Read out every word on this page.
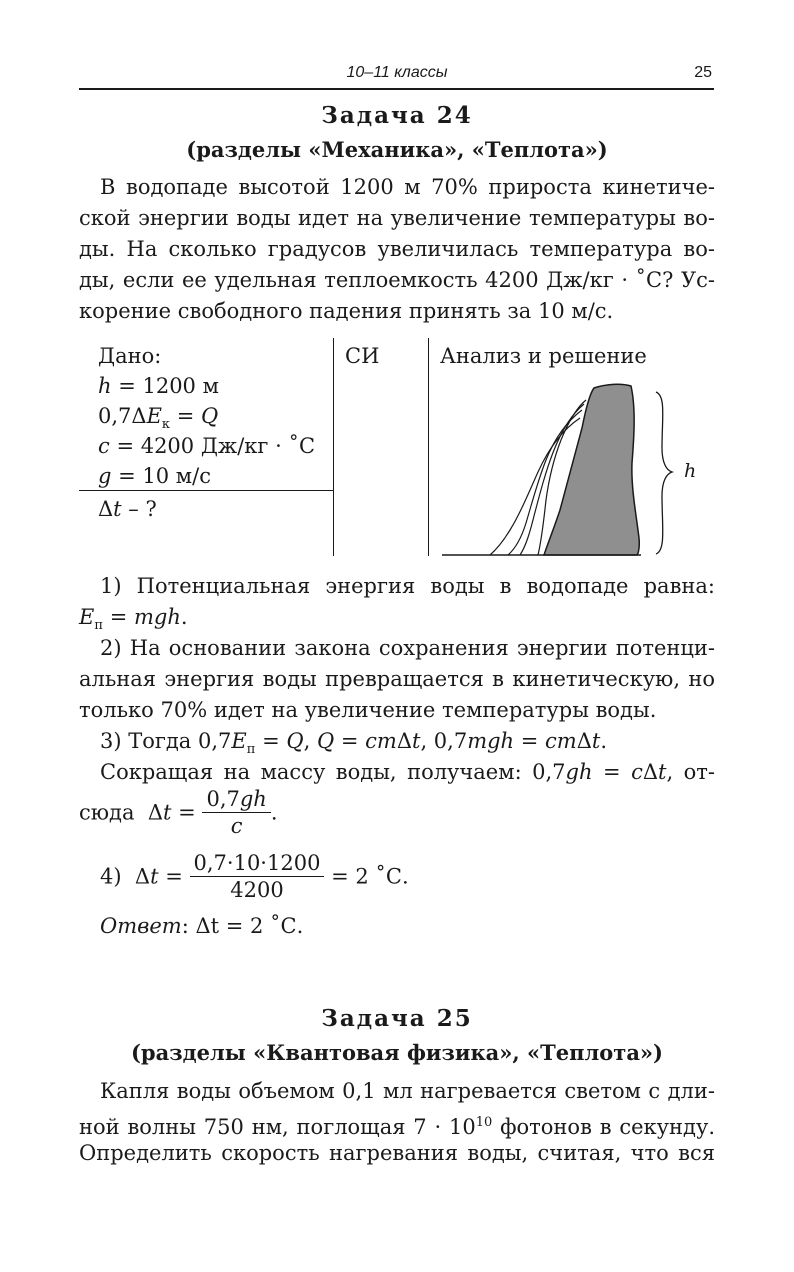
10–11 классы	25
Задача 24
(разделы «Механика», «Теплота»)
В водопаде высотой 1200 м 70% прироста кинетиче-
ской энергии воды идет на увеличение температуры во-
ды. На сколько градусов увеличилась температура во-
ды, если ее удельная теплоемкость 4200 Дж/кг · ˚С? Ус-
корение свободного падения принять за 10 м/с.
Дано:	СИ	Анализ и решение
h = 1200 м
$0,7\Delta E_к = Q$
c = 4200 Дж/кг · ˚С
g = 10 м/с
Δt – ?
h
1) Потенциальная энергия воды в водопаде равна:
$E_п$ = mgh.
2) На основании закона сохранения энергии потенци-
альная энергия воды превращается в кинетическую, но
только 70% идет на увеличение температуры воды.
3) Тогда $0,7E_п = Q$, Q = cmΔt, 0,7mgh = cmΔt.
Сокращая на массу воды, получаем: 0,7gh = cΔt, от-
сюда  $\Delta t = \frac{0,7gh}{c}$ .
4)  $\Delta t = \frac{0,7\cdot 10\cdot 1200}{4200} = 2$ ˚С.
Ответ: Δt = 2 ˚С.
Задача 25
(разделы «Квантовая физика», «Теплота»)
Капля воды объемом 0,1 мл нагревается светом с дли-
ной волны 750 нм, поглощая $7 \cdot 10^{10}$ фотонов в секунду.
Определить скорость нагревания воды, считая, что вся
